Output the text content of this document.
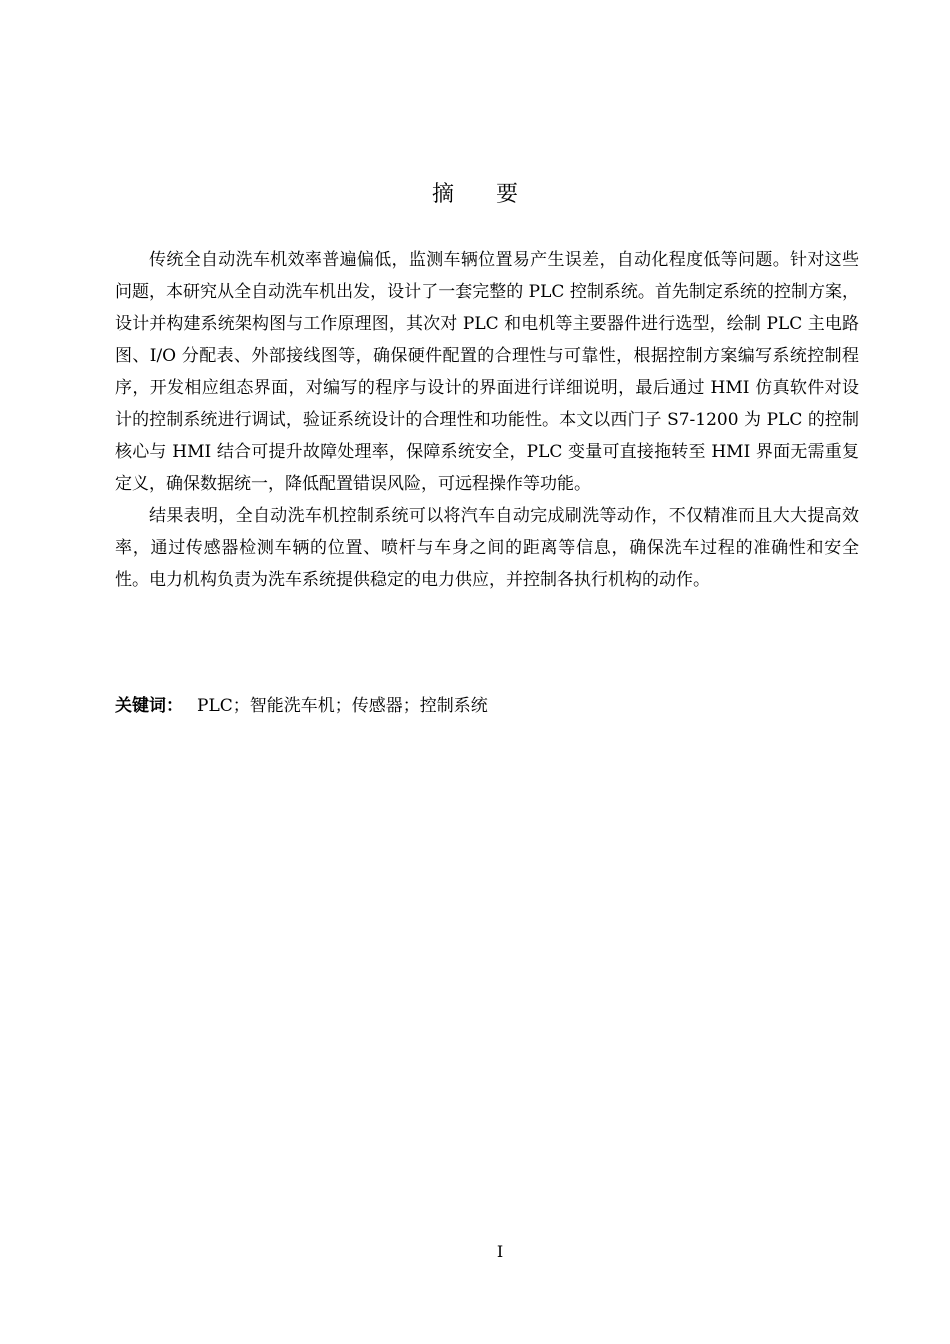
摘要

传统全自动洗车机效率普遍偏低，监测车辆位置易产生误差，自动化程度低等问题。针对这些问题，本研究从全自动洗车机出发，设计了一套完整的 PLC 控制系统。首先制定系统的控制方案，设计并构建系统架构图与工作原理图，其次对 PLC 和电机等主要器件进行选型，绘制 PLC 主电路图、I/O 分配表、外部接线图等，确保硬件配置的合理性与可靠性，根据控制方案编写系统控制程序，开发相应组态界面，对编写的程序与设计的界面进行详细说明，最后通过 HMI 仿真软件对设计的控制系统进行调试，验证系统设计的合理性和功能性。本文以西门子 S7-1200 为 PLC 的控制核心与 HMI 结合可提升故障处理率，保障系统安全，PLC 变量可直接拖转至 HMI 界面无需重复定义，确保数据统一，降低配置错误风险，可远程操作等功能。

结果表明，全自动洗车机控制系统可以将汽车自动完成刷洗等动作，不仅精准而且大大提高效率，通过传感器检测车辆的位置、喷杆与车身之间的距离等信息，确保洗车过程的准确性和安全性。电力机构负责为洗车系统提供稳定的电力供应，并控制各执行机构的动作。

关键词： PLC；智能洗车机；传感器；控制系统
I
